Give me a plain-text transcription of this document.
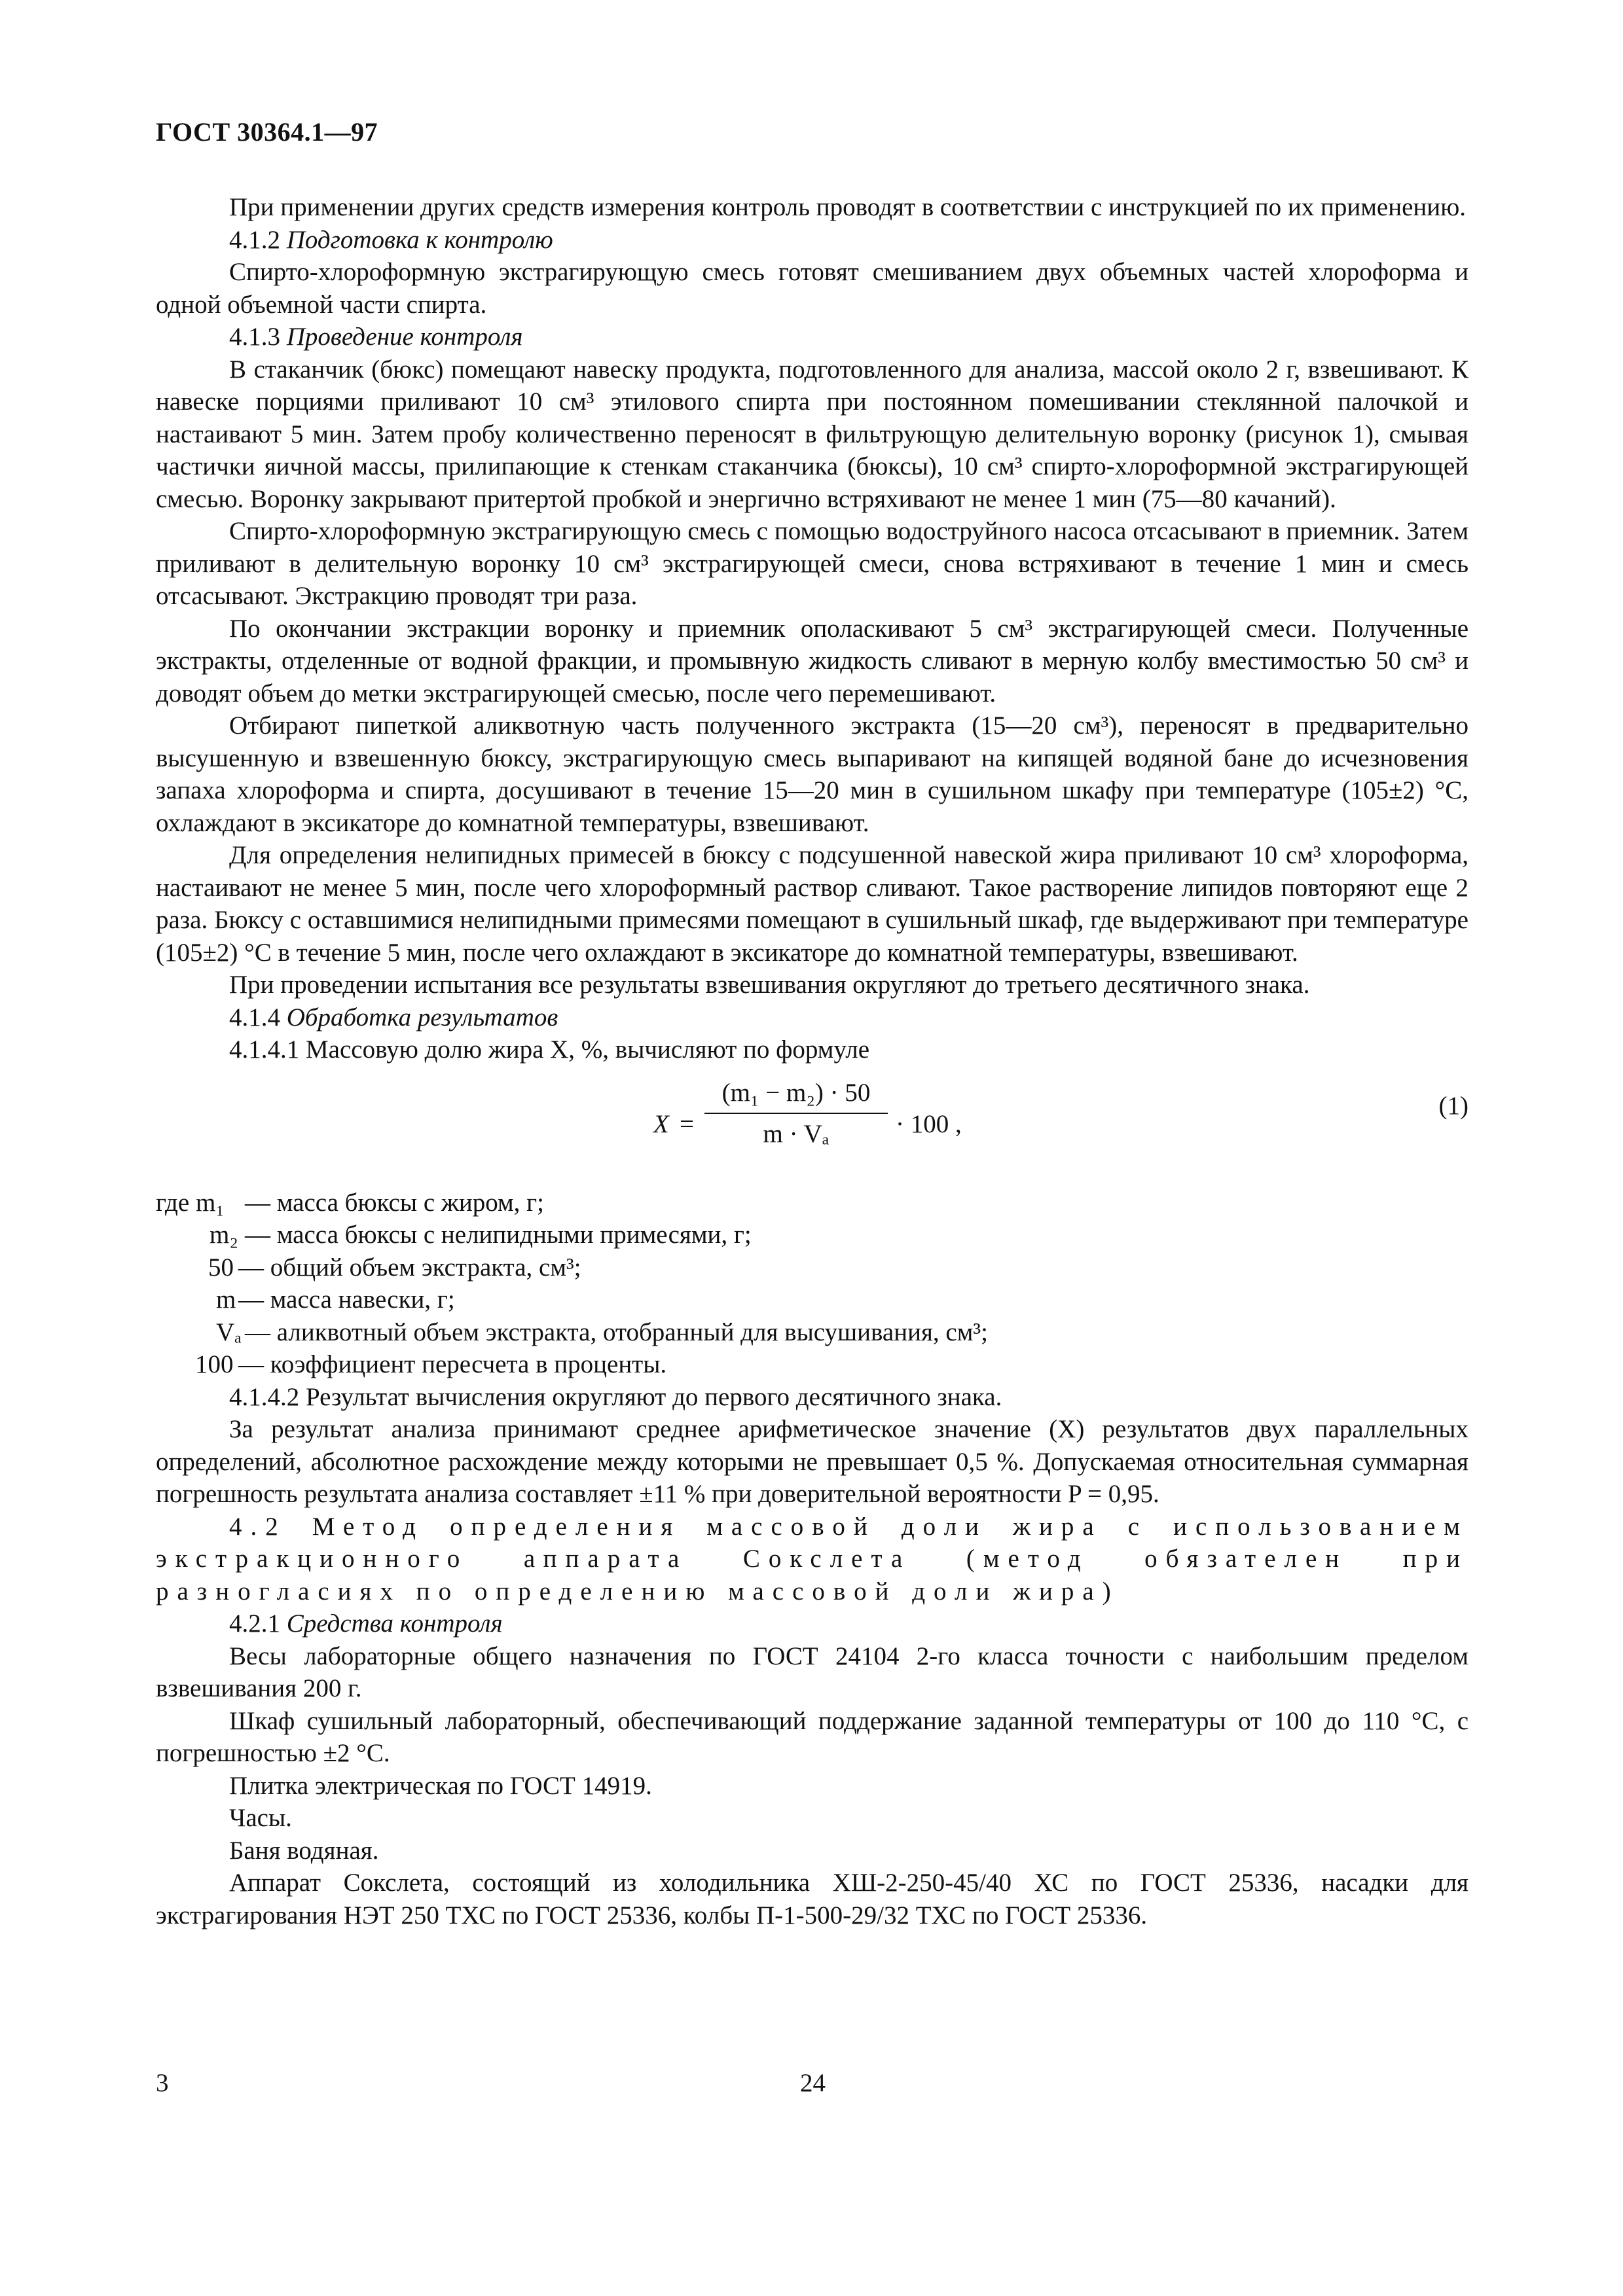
ГОСТ 30364.1—97

При применении других средств измерения контроль проводят в соответствии с инструкцией по их применению.

4.1.2 Подготовка к контролю

Спирто-хлороформную экстрагирующую смесь готовят смешиванием двух объемных частей хлороформа и одной объемной части спирта.

4.1.3 Проведение контроля

В стаканчик (бюкс) помещают навеску продукта, подготовленного для анализа, массой около 2 г, взвешивают. К навеске порциями приливают 10 см³ этилового спирта при постоянном помешивании стеклянной палочкой и настаивают 5 мин. Затем пробу количественно переносят в фильтрующую делительную воронку (рисунок 1), смывая частички яичной массы, прилипающие к стенкам стаканчика (бюксы), 10 см³ спирто-хлороформной экстрагирующей смесью. Воронку закрывают притертой пробкой и энергично встряхивают не менее 1 мин (75—80 качаний).

Спирто-хлороформную экстрагирующую смесь с помощью водоструйного насоса отсасывают в приемник. Затем приливают в делительную воронку 10 см³ экстрагирующей смеси, снова встряхивают в течение 1 мин и смесь отсасывают. Экстракцию проводят три раза.

По окончании экстракции воронку и приемник ополаскивают 5 см³ экстрагирующей смеси. Полученные экстракты, отделенные от водной фракции, и промывную жидкость сливают в мерную колбу вместимостью 50 см³ и доводят объем до метки экстрагирующей смесью, после чего перемешивают.

Отбирают пипеткой аликвотную часть полученного экстракта (15—20 см³), переносят в предварительно высушенную и взвешенную бюксу, экстрагирующую смесь выпаривают на кипящей водяной бане до исчезновения запаха хлороформа и спирта, досушивают в течение 15—20 мин в сушильном шкафу при температуре (105±2) °С, охлаждают в эксикаторе до комнатной температуры, взвешивают.

Для определения нелипидных примесей в бюксу с подсушенной навеской жира приливают 10 см³ хлороформа, настаивают не менее 5 мин, после чего хлороформный раствор сливают. Такое растворение липидов повторяют еще 2 раза. Бюксу с оставшимися нелипидными примесями помещают в сушильный шкаф, где выдерживают при температуре (105±2) °С в течение 5 мин, после чего охлаждают в эксикаторе до комнатной температуры, взвешивают.

При проведении испытания все результаты взвешивания округляют до третьего десятичного знака.

4.1.4 Обработка результатов

4.1.4.1 Массовую долю жира X, %, вычисляют по формуле

X =
(m₁ − m₂) · 50
m · Vₐ	· 100 ,
(1)
где m₁ — масса бюксы с жиром, г;
m₂ — масса бюксы с нелипидными примесями, г;
50 — общий объем экстракта, см³;
m — масса навески, г;
Vₐ — аликвотный объем экстракта, отобранный для высушивания, см³;
100 — коэффициент пересчета в проценты.

4.1.4.2 Результат вычисления округляют до первого десятичного знака.

За результат анализа принимают среднее арифметическое значение (X) результатов двух параллельных определений, абсолютное расхождение между которыми не превышает 0,5 %. Допускаемая относительная суммарная погрешность результата анализа составляет ±11 % при доверительной вероятности P = 0,95.

4.2 Метод определения массовой доли жира с использованием экстракционного аппарата Сокслета (метод обязателен при разногласиях по определению массовой доли жира)

4.2.1 Средства контроля

Весы лабораторные общего назначения по ГОСТ 24104 2-го класса точности с наибольшим пределом взвешивания 200 г.

Шкаф сушильный лабораторный, обеспечивающий поддержание заданной температуры от 100 до 110 °С, с погрешностью ±2 °С.

Плитка электрическая по ГОСТ 14919.

Часы.

Баня водяная.

Аппарат Сокслета, состоящий из холодильника ХШ-2-250-45/40 ХС по ГОСТ 25336, насадки для экстрагирования НЭТ 250 ТХС по ГОСТ 25336, колбы П-1-500-29/32 ТХС по ГОСТ 25336.

3	24
